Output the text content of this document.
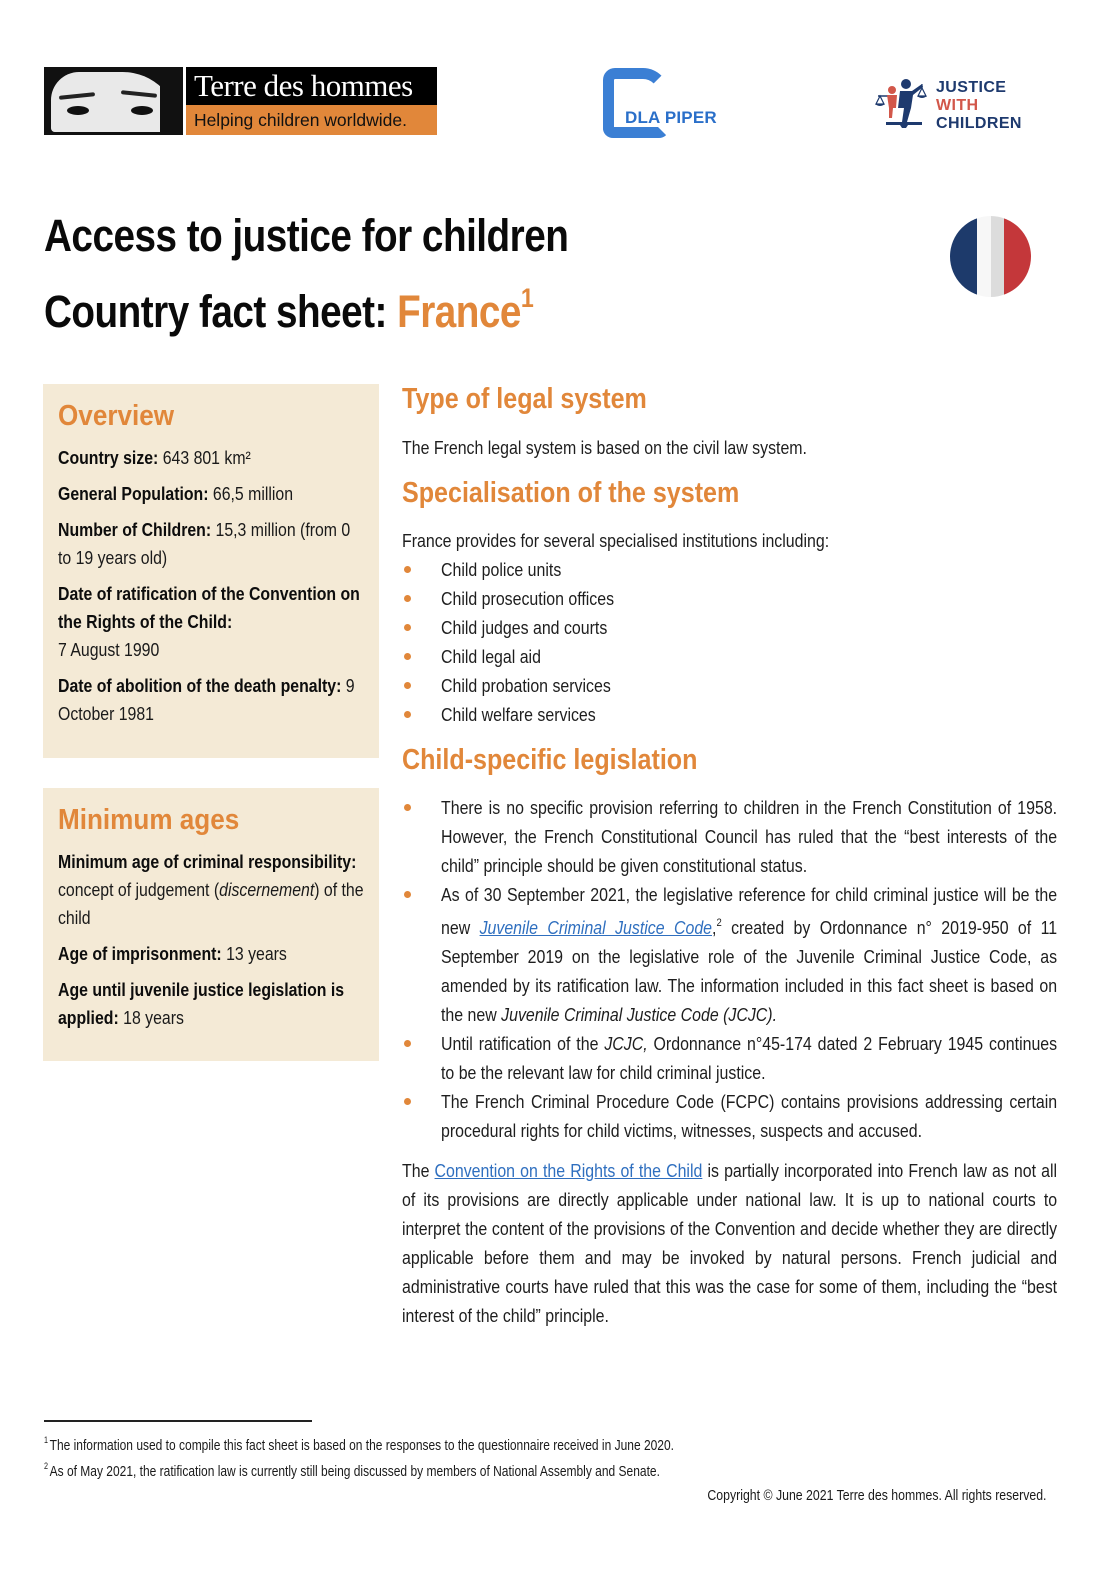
Terre des hommes
Helping children worldwide.	DLA PIPER
JUSTICE
WITH
CHILDREN
Access to justice for children
Country fact sheet: France$^1$
Overview

Country size: 643 801 km²

General Population: 66,5 million

Number of Children: 15,3 million (from 0 to 19 years old)

Date of ratification of the Convention on the Rights of the Child:
7 August 1990

Date of abolition of the death penalty: 9 October 1981

Minimum ages

Minimum age of criminal responsibility: concept of judgement (discernement) of the child

Age of imprisonment: 13 years

Age until juvenile justice legislation is applied: 18 years

Type of legal system

The French legal system is based on the civil law system.

Specialisation of the system

France provides for several specialised institutions including:

Child police units
Child prosecution offices
Child judges and courts
Child legal aid
Child probation services
Child welfare services
Child-specific legislation
There is no specific provision referring to children in the French Constitution of 1958. However, the French Constitutional Council has ruled that the “best interests of the child” principle should be given constitutional status.
As of 30 September 2021, the legislative reference for child criminal justice will be the new Juvenile Criminal Justice Code,$^2$ created by Ordonnance n° 2019-950 of 11 September 2019 on the legislative role of the Juvenile Criminal Justice Code, as amended by its ratification law. The information included in this fact sheet is based on the new Juvenile Criminal Justice Code (JCJC).
Until ratification of the JCJC, Ordonnance n°45-174 dated 2 February 1945 continues to be the relevant law for child criminal justice.
The French Criminal Procedure Code (FCPC) contains provisions addressing certain procedural rights for child victims, witnesses, suspects and accused.

The Convention on the Rights of the Child is partially incorporated into French law as not all of its provisions are directly applicable under national law. It is up to national courts to interpret the content of the provisions of the Convention and decide whether they are directly applicable before them and may be invoked by natural persons. French judicial and administrative courts have ruled that this was the case for some of them, including the “best interest of the child” principle.

$^1$ The information used to compile this fact sheet is based on the responses to the questionnaire received in June 2020.
$^2$ As of May 2021, the ratification law is currently still being discussed by members of National Assembly and Senate.
Copyright © June 2021 Terre des hommes. All rights reserved.
